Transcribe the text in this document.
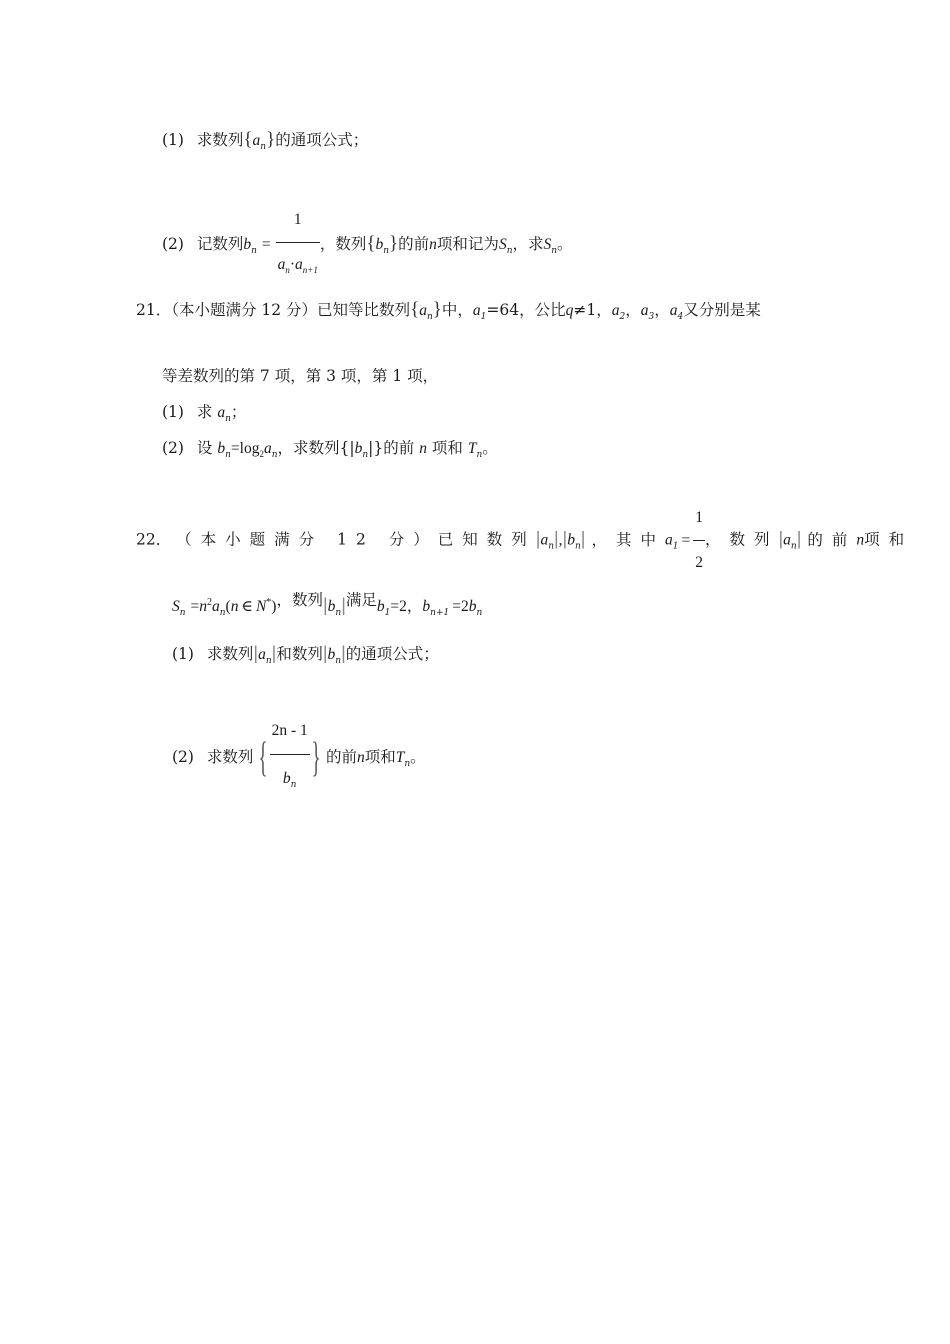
(1) 求数列$\{a_n\}$的通项公式；
(2) 记数列$b_n = \frac{1}{a_n\cdot a_{n+1}}$ ，数列$\{b_n\}$的前n项和记为$S_n$，求$S_n$。
21．（本小题满分 12 分）已知等比数列$\{a_n\}$中，$a_1=64$，公比q≠1，$a_2$，$a_3$，$a_4$又分别是某
等差数列的第 7 项，第 3 项，第 1 项，
(1) 求 $a_n$；
(2) 设 $b_n=\log_2a_n$，求数列$\{|b_n|\}$的前 n 项和 $T_n$。
22． （本小题满分 12 分）已知数列$|a_n|,|b_n|$ ，其中$a_1 = \frac{1}{2}$ ，数列$|a_n|$ 的前n项和
$S_n =n^2a_n(n$ ∈ N*)，数列$|b_n|$满足$b_1=2$，$b_{n+1} =2b_n$
(1) 求数列$|a_n|$和数列$|b_n|$的通项公式；
(2) 求数列 { $\frac{2n - 1}{b_n}$ } 的前n项和$T_n$。
